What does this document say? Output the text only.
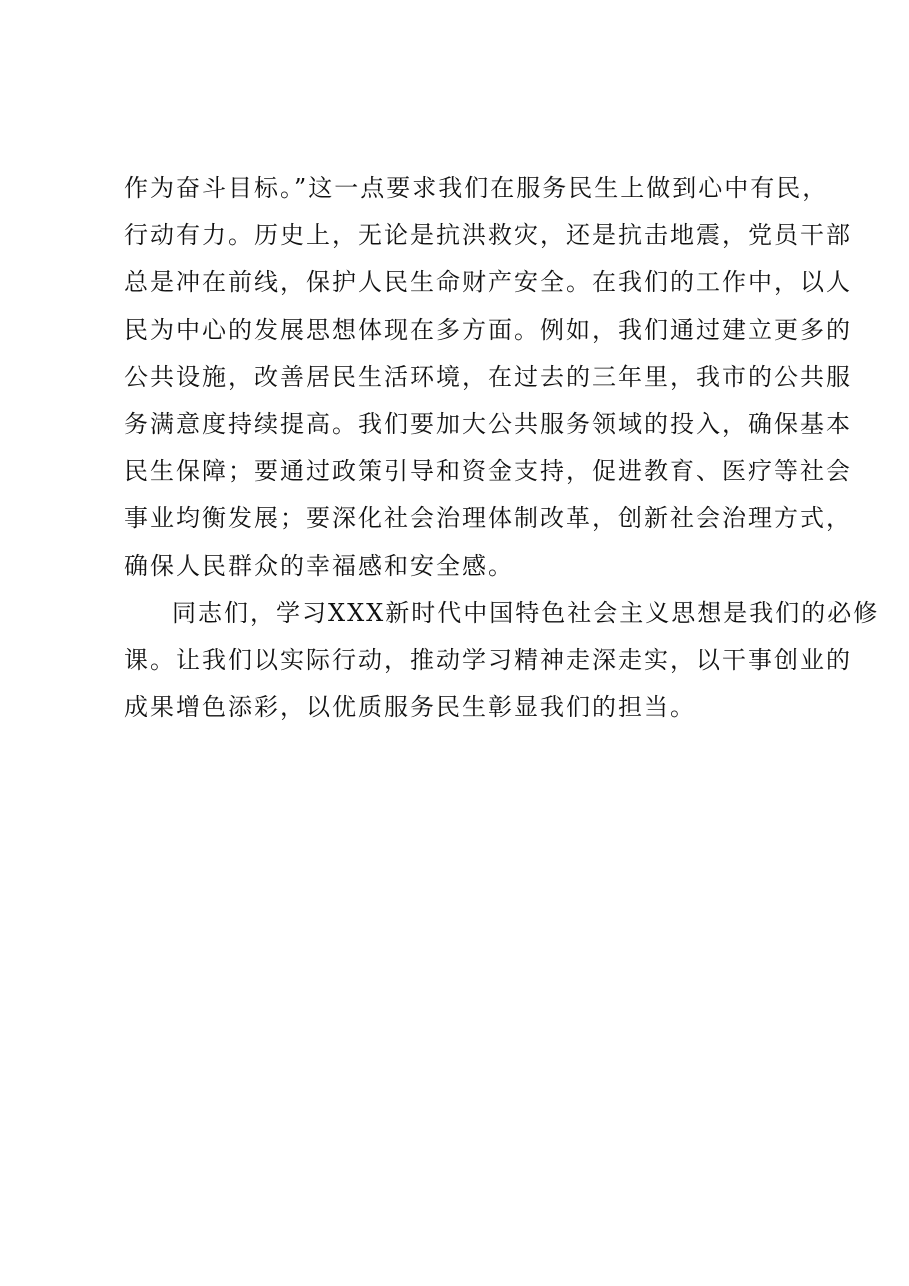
作为奋斗目标。”这一点要求我们在服务民生上做到心中有民，
行动有力。历史上，无论是抗洪救灾，还是抗击地震，党员干部
总是冲在前线，保护人民生命财产安全。在我们的工作中，以人
民为中心的发展思想体现在多方面。例如，我们通过建立更多的
公共设施，改善居民生活环境，在过去的三年里，我市的公共服
务满意度持续提高。我们要加大公共服务领域的投入，确保基本
民生保障；要通过政策引导和资金支持，促进教育、医疗等社会
事业均衡发展；要深化社会治理体制改革，创新社会治理方式，
确保人民群众的幸福感和安全感。
同志们，学习XXX新时代中国特色社会主义思想是我们的必修
课。让我们以实际行动，推动学习精神走深走实，以干事创业的
成果增色添彩，以优质服务民生彰显我们的担当。
